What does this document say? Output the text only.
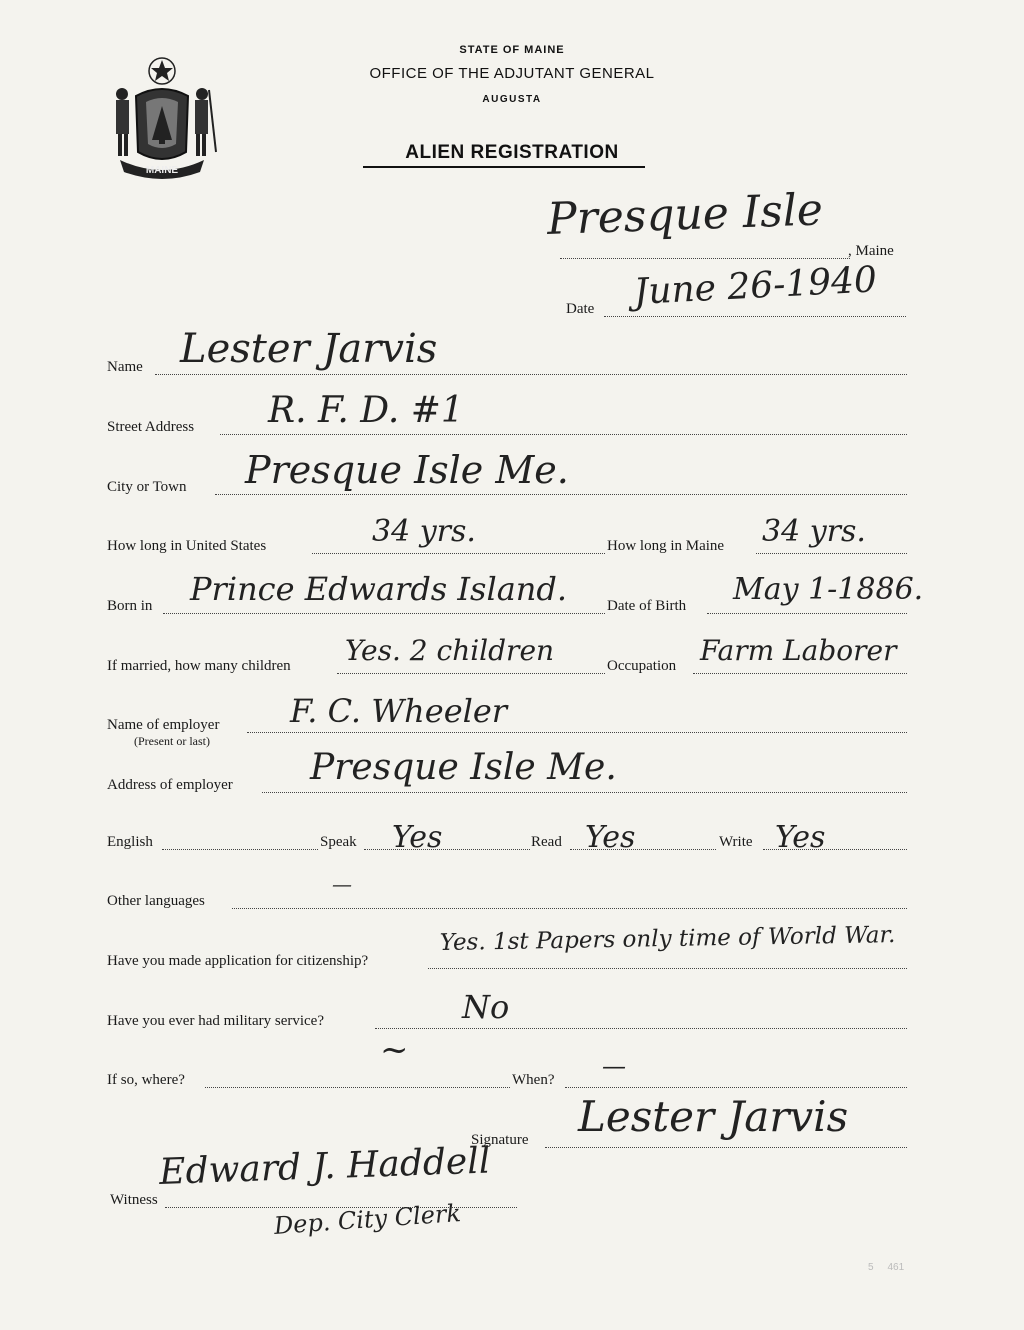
MAINE
STATE OF MAINE
OFFICE OF THE ADJUTANT GENERAL
AUGUSTA
ALIEN REGISTRATION
, Maine
Presque Isle
Date June 26-1940
Name Lester Jarvis
Street Address R. F. D. #1
City or Town Presque Isle Me.
How long in United States	34 yrs.	How long in Maine 34 yrs.
Born in Prince Edwards Island.	Date of Birth May 1-1886.
If married, how many children Yes. 2 children	Occupation Farm Laborer
Name of employer
(Present or last)
F. C. Wheeler
Address of employer Presque Isle Me.
English	Speak Yes	Read Yes	Write Yes
Other languages
—
Have you made application for citizenship?
Yes. 1st Papers only time of World War.
Have you ever had military service?	No
If so, where?
~
When? —
Signature Lester Jarvis
Witness
Edward J. Haddell
Dep. City Clerk
5     461
